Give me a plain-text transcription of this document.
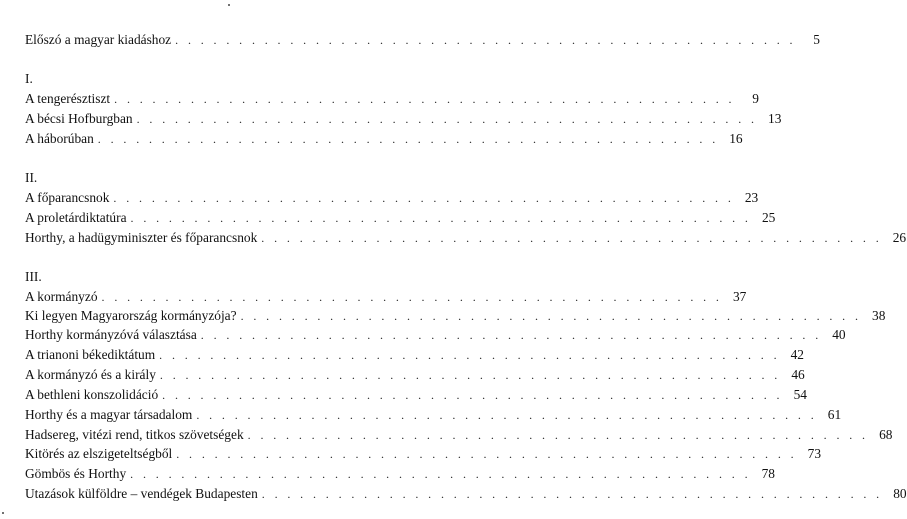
Előszó a magyar kiadáshoz . . . . . . . . . . . . . . . . . . . . . . . . . . . . . . . . . . . . . . . . . . . . . . . . .	5
I.
A tengerésztiszt . . . . . . . . . . . . . . . . . . . . . . . . . . . . . . . . . . . . . . . . . . . . . . . . .	9
A bécsi Hofburgban . . . . . . . . . . . . . . . . . . . . . . . . . . . . . . . . . . . . . . . . . . . . . . . . . 13
A háborúban . . . . . . . . . . . . . . . . . . . . . . . . . . . . . . . . . . . . . . . . . . . . . . . . . 16
II.
A főparancsnok . . . . . . . . . . . . . . . . . . . . . . . . . . . . . . . . . . . . . . . . . . . . . . . . . 23
A proletárdiktatúra . . . . . . . . . . . . . . . . . . . . . . . . . . . . . . . . . . . . . . . . . . . . . . . . . 25
Horthy, a hadügyminiszter és főparancsnok . . . . . . . . . . . . . . . . . . . . . . . . . . . . . . . . . . . . . . . . . . . . . . . . . 26
III.
A kormányzó . . . . . . . . . . . . . . . . . . . . . . . . . . . . . . . . . . . . . . . . . . . . . . . . . 37
Ki legyen Magyarország kormányzója? . . . . . . . . . . . . . . . . . . . . . . . . . . . . . . . . . . . . . . . . . . . . . . . . . 38
Horthy kormányzóvá választása . . . . . . . . . . . . . . . . . . . . . . . . . . . . . . . . . . . . . . . . . . . . . . . . . 40
A trianoni békediktátum . . . . . . . . . . . . . . . . . . . . . . . . . . . . . . . . . . . . . . . . . . . . . . . . . 42
A kormányzó és a király . . . . . . . . . . . . . . . . . . . . . . . . . . . . . . . . . . . . . . . . . . . . . . . . . 46
A bethleni konszolidáció . . . . . . . . . . . . . . . . . . . . . . . . . . . . . . . . . . . . . . . . . . . . . . . . . 54
Horthy és a magyar társadalom . . . . . . . . . . . . . . . . . . . . . . . . . . . . . . . . . . . . . . . . . . . . . . . . . 61
Hadsereg, vitézi rend, titkos szövetségek . . . . . . . . . . . . . . . . . . . . . . . . . . . . . . . . . . . . . . . . . . . . . . . . . 68
Kitörés az elszigeteltségből . . . . . . . . . . . . . . . . . . . . . . . . . . . . . . . . . . . . . . . . . . . . . . . . . 73
Gömbös és Horthy . . . . . . . . . . . . . . . . . . . . . . . . . . . . . . . . . . . . . . . . . . . . . . . . . 78
Utazások külföldre – vendégek Budapesten . . . . . . . . . . . . . . . . . . . . . . . . . . . . . . . . . . . . . . . . . . . . . . . . . 80
